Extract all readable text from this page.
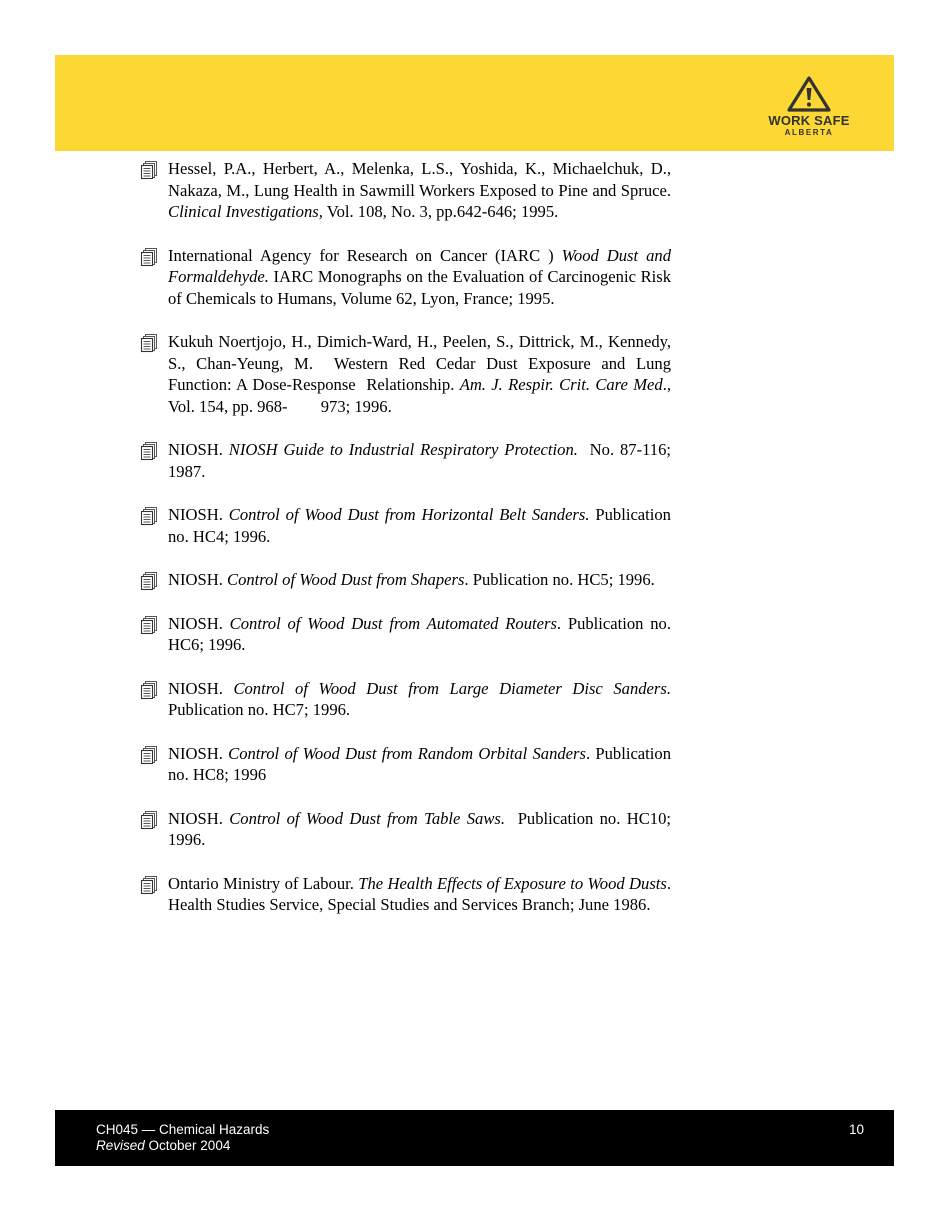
WORK SAFE
ALBERTA
Hessel, P.A., Herbert, A., Melenka, L.S., Yoshida, K., Michaelchuk, D., Nakaza, M., Lung Health in Sawmill Workers Exposed to Pine and Spruce. Clinical Investigations, Vol. 108, No. 3, pp.642-646; 1995.
International Agency for Research on Cancer (IARC ) Wood Dust and Formaldehyde. IARC Monographs on the Evaluation of Carcinogenic Risk of Chemicals to Humans, Volume 62, Lyon, France; 1995.
Kukuh Noertjojo, H., Dimich-Ward, H., Peelen, S., Dittrick, M., Kennedy, S., Chan-Yeung, M.  Western Red Cedar Dust Exposure and Lung Function: A Dose-Response  Relationship. Am. J. Respir. Crit. Care Med., Vol. 154, pp. 968-        973; 1996.
NIOSH. NIOSH Guide to Industrial Respiratory Protection.  No. 87-116; 1987.
NIOSH. Control of Wood Dust from Horizontal Belt Sanders. Publication no. HC4; 1996.
NIOSH. Control of Wood Dust from Shapers. Publication no. HC5; 1996.
NIOSH. Control of Wood Dust from Automated Routers. Publication no. HC6; 1996.
NIOSH. Control of Wood Dust from Large Diameter Disc Sanders.  Publication no. HC7; 1996.
NIOSH. Control of Wood Dust from Random Orbital Sanders. Publication no. HC8; 1996
NIOSH. Control of Wood Dust from Table Saws.  Publication no. HC10; 1996.
Ontario Ministry of Labour. The Health Effects of Exposure to Wood Dusts. Health Studies Service, Special Studies and Services Branch; June 1986.
CH045 — Chemical Hazards
Revised October 2004
10
